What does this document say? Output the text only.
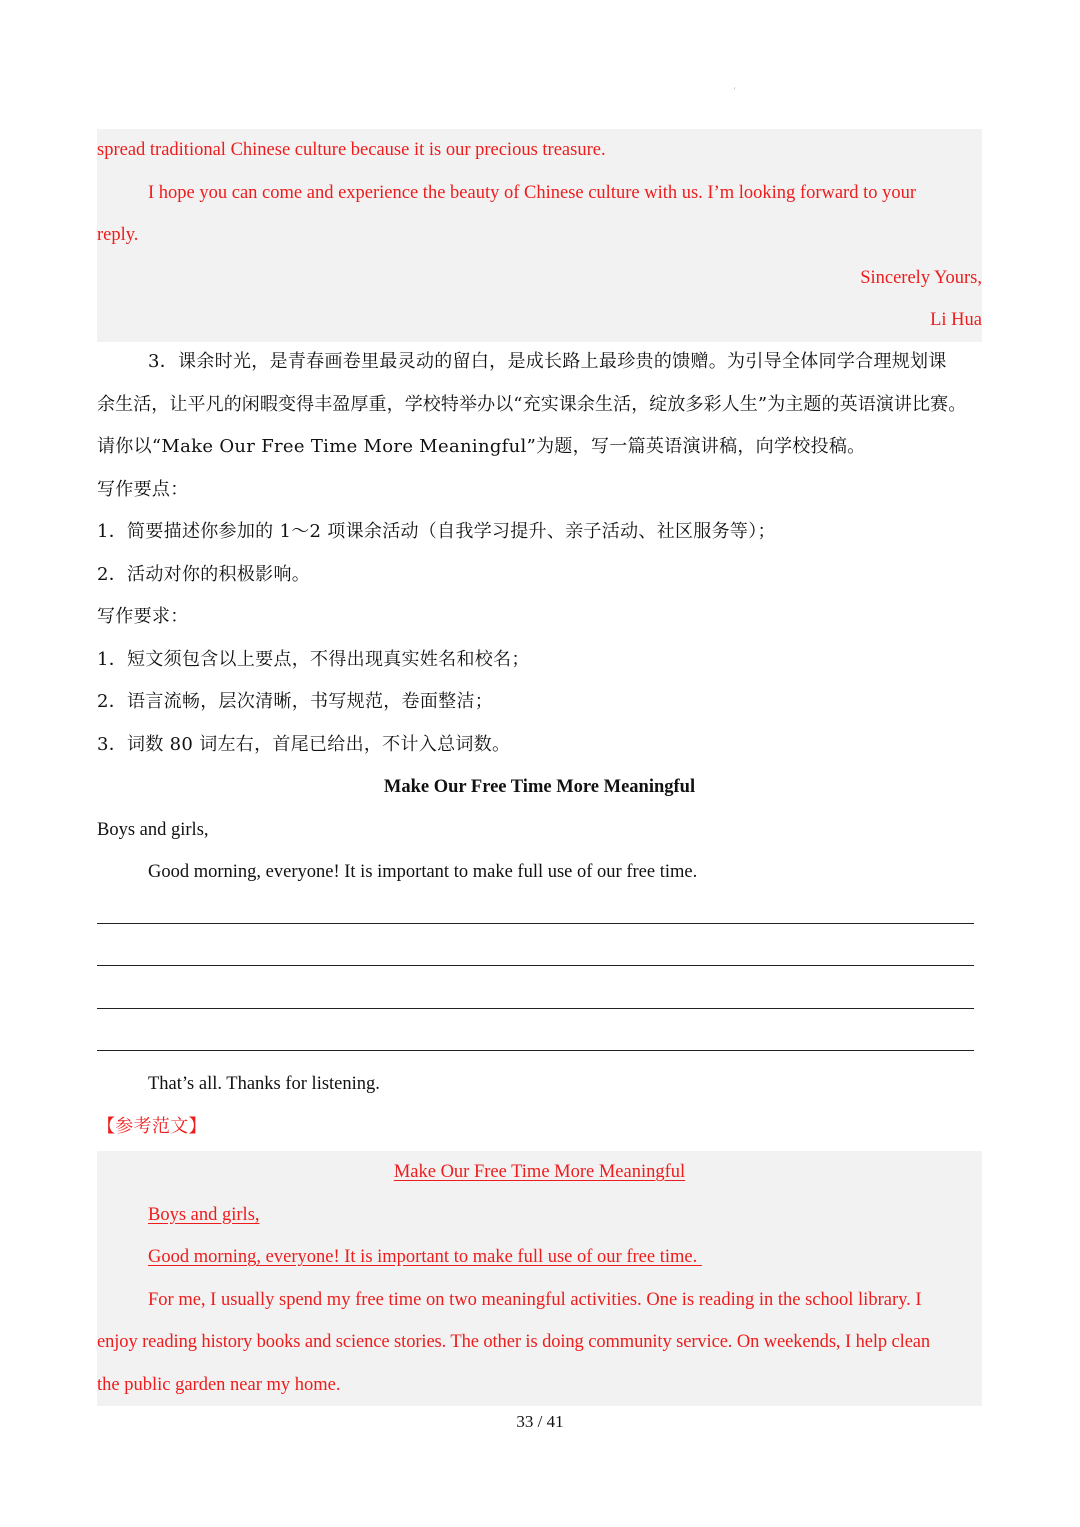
'
spread traditional Chinese culture because it is our precious treasure.
I hope you can come and experience the beauty of Chinese culture with us. I’m looking forward to your
reply.
Sincerely Yours,
Li Hua
3．课余时光，是青春画卷里最灵动的留白，是成长路上最珍贵的馈赠。为引导全体同学合理规划课
余生活，让平凡的闲暇变得丰盈厚重，学校特举办以“充实课余生活，绽放多彩人生”为主题的英语演讲比赛。
请你以“Make Our Free Time More Meaningful”为题，写一篇英语演讲稿，向学校投稿。
写作要点：
1．简要描述你参加的 1～2 项课余活动（自我学习提升、亲子活动、社区服务等）；
2．活动对你的积极影响。
写作要求：
1．短文须包含以上要点，不得出现真实姓名和校名；
2．语言流畅，层次清晰，书写规范，卷面整洁；
3．词数 80 词左右，首尾已给出，不计入总词数。
Make Our Free Time More Meaningful
Boys and girls,
Good morning, everyone! It is important to make full use of our free time.
That’s all. Thanks for listening.
【参考范文】
Make Our Free Time More Meaningful
Boys and girls,
Good morning, everyone! It is important to make full use of our free time.
For me, I usually spend my free time on two meaningful activities. One is reading in the school library. I
enjoy reading history books and science stories. The other is doing community service. On weekends, I help clean
the public garden near my home.
33 / 41
